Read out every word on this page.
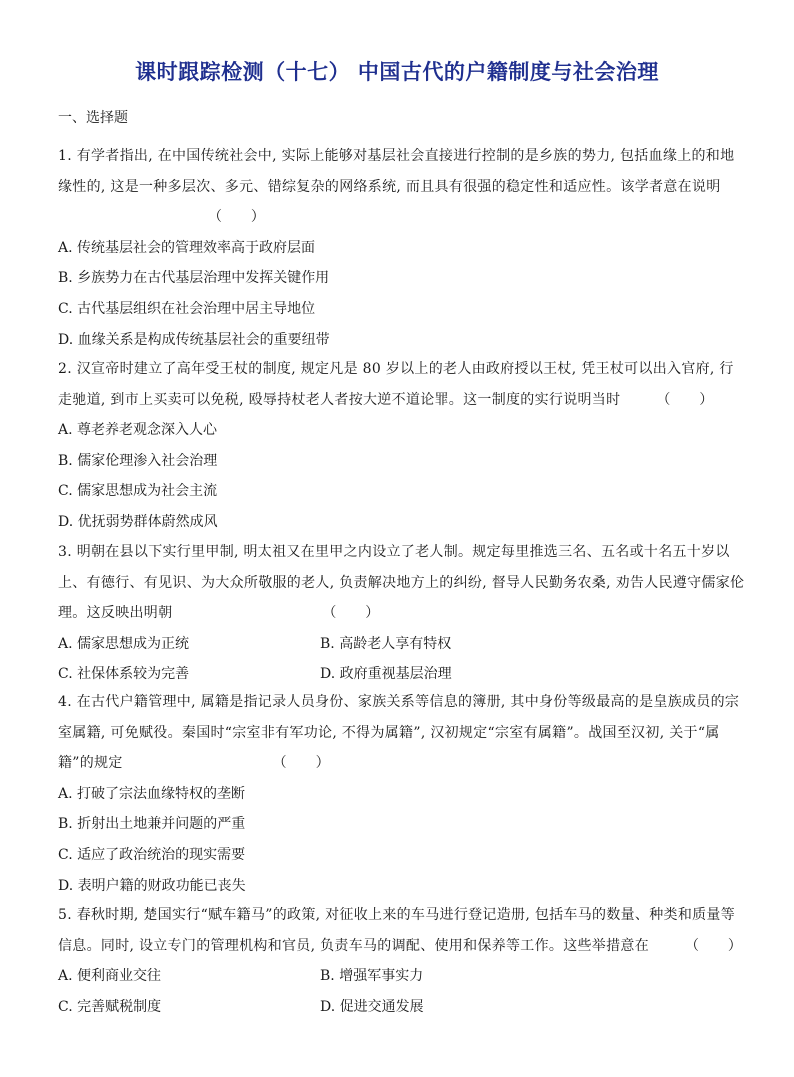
课时跟踪检测（十七） 中国古代的户籍制度与社会治理
一、选择题
1. 有学者指出, 在中国传统社会中, 实际上能够对基层社会直接进行控制的是乡族的势力, 包括血缘上的和地缘性的, 这是一种多层次、多元、错综复杂的网络系统, 而且具有很强的稳定性和适应性。该学者意在说明（　　）
A. 传统基层社会的管理效率高于政府层面
B. 乡族势力在古代基层治理中发挥关键作用
C. 古代基层组织在社会治理中居主导地位
D. 血缘关系是构成传统基层社会的重要纽带
2. 汉宣帝时建立了高年受王杖的制度, 规定凡是 80 岁以上的老人由政府授以王杖, 凭王杖可以出入官府, 行走驰道, 到市上买卖可以免税, 殴辱持杖老人者按大逆不道论罪。这一制度的实行说明当时	（　　）
A. 尊老养老观念深入人心
B. 儒家伦理渗入社会治理
C. 儒家思想成为社会主流
D. 优抚弱势群体蔚然成风
3. 明朝在县以下实行里甲制, 明太祖又在里甲之内设立了老人制。规定每里推选三名、五名或十名五十岁以上、有德行、有见识、为大众所敬服的老人, 负责解决地方上的纠纷, 督导人民勤务农桑, 劝告人民遵守儒家伦理。这反映出明朝	（　　）
A. 儒家思想成为正统	B. 高龄老人享有特权
C. 社保体系较为完善	D. 政府重视基层治理
4. 在古代户籍管理中, 属籍是指记录人员身份、家族关系等信息的簿册, 其中身份等级最高的是皇族成员的宗室属籍, 可免赋役。秦国时“宗室非有军功论, 不得为属籍”, 汉初规定“宗室有属籍”。战国至汉初, 关于“属籍”的规定	（　　）
A. 打破了宗法血缘特权的垄断
B. 折射出土地兼并问题的严重
C. 适应了政治统治的现实需要
D. 表明户籍的财政功能已丧失
5. 春秋时期, 楚国实行“赋车籍马”的政策, 对征收上来的车马进行登记造册, 包括车马的数量、种类和质量等信息。同时, 设立专门的管理机构和官员, 负责车马的调配、使用和保养等工作。这些举措意在	（　　）
A. 便利商业交往	B. 增强军事实力
C. 完善赋税制度	D. 促进交通发展
